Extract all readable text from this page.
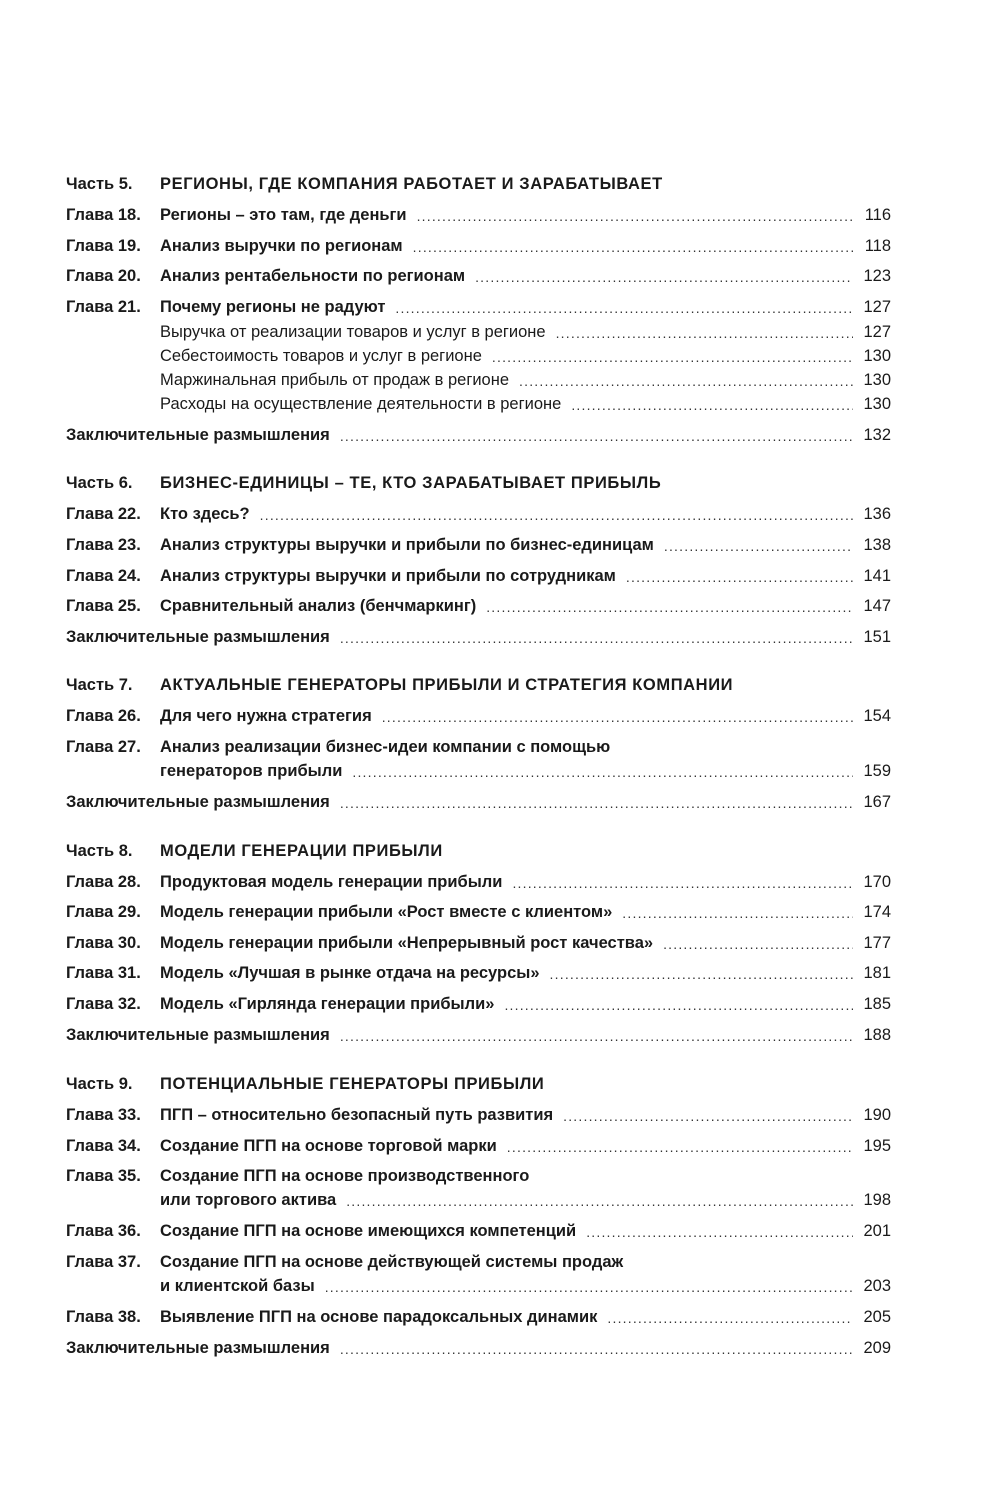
Часть 5.	РЕГИОНЫ, ГДЕ КОМПАНИЯ РАБОТАЕТ И ЗАРАБАТЫВАЕТ
Глава 18.	Регионы – это там, где деньги .....	116
Глава 19.	Анализ выручки по регионам .....	118
Глава 20.	Анализ рентабельности по регионам .....	123
Глава 21.	Почему регионы не радуют .....	127
Выручка от реализации товаров и услуг в регионе .....	127
Себестоимость товаров и услуг в регионе .....	130
Маржинальная прибыль от продаж в регионе .....	130
Расходы на осуществление деятельности в регионе .....	130
Заключительные размышления .....	132
Часть 6.	БИЗНЕС-ЕДИНИЦЫ – ТЕ, КТО ЗАРАБАТЫВАЕТ ПРИБЫЛЬ
Глава 22.	Кто здесь? .....	136
Глава 23.	Анализ структуры выручки и прибыли по бизнес-единицам .....	138
Глава 24.	Анализ структуры выручки и прибыли по сотрудникам .....	141
Глава 25.	Сравнительный анализ (бенчмаркинг) .....	147
Заключительные размышления .....	151
Часть 7.	АКТУАЛЬНЫЕ ГЕНЕРАТОРЫ ПРИБЫЛИ И СТРАТЕГИЯ КОМПАНИИ
Глава 26.	Для чего нужна стратегия .....	154
Глава 27.	Анализ реализации бизнес-идеи компании с помощью
генераторов прибыли .....	159
Заключительные размышления .....	167
Часть 8.	МОДЕЛИ ГЕНЕРАЦИИ ПРИБЫЛИ
Глава 28.	Продуктовая модель генерации прибыли .....	170
Глава 29.	Модель генерации прибыли «Рост вместе с клиентом» .....	174
Глава 30.	Модель генерации прибыли «Непрерывный рост качества» .....	177
Глава 31.	Модель «Лучшая в рынке отдача на ресурсы» .....	181
Глава 32.	Модель «Гирлянда генерации прибыли» .....	185
Заключительные размышления .....	188
Часть 9.	ПОТЕНЦИАЛЬНЫЕ ГЕНЕРАТОРЫ ПРИБЫЛИ
Глава 33.	ПГП – относительно безопасный путь развития .....	190
Глава 34.	Создание ПГП на основе торговой марки .....	195
Глава 35.	Создание ПГП на основе производственного
или торгового актива .....	198
Глава 36.	Создание ПГП на основе имеющихся компетенций .....	201
Глава 37.	Создание ПГП на основе действующей системы продаж
и клиентской базы .....	203
Глава 38.	Выявление ПГП на основе парадоксальных динамик .....	205
Заключительные размышления .....	209
